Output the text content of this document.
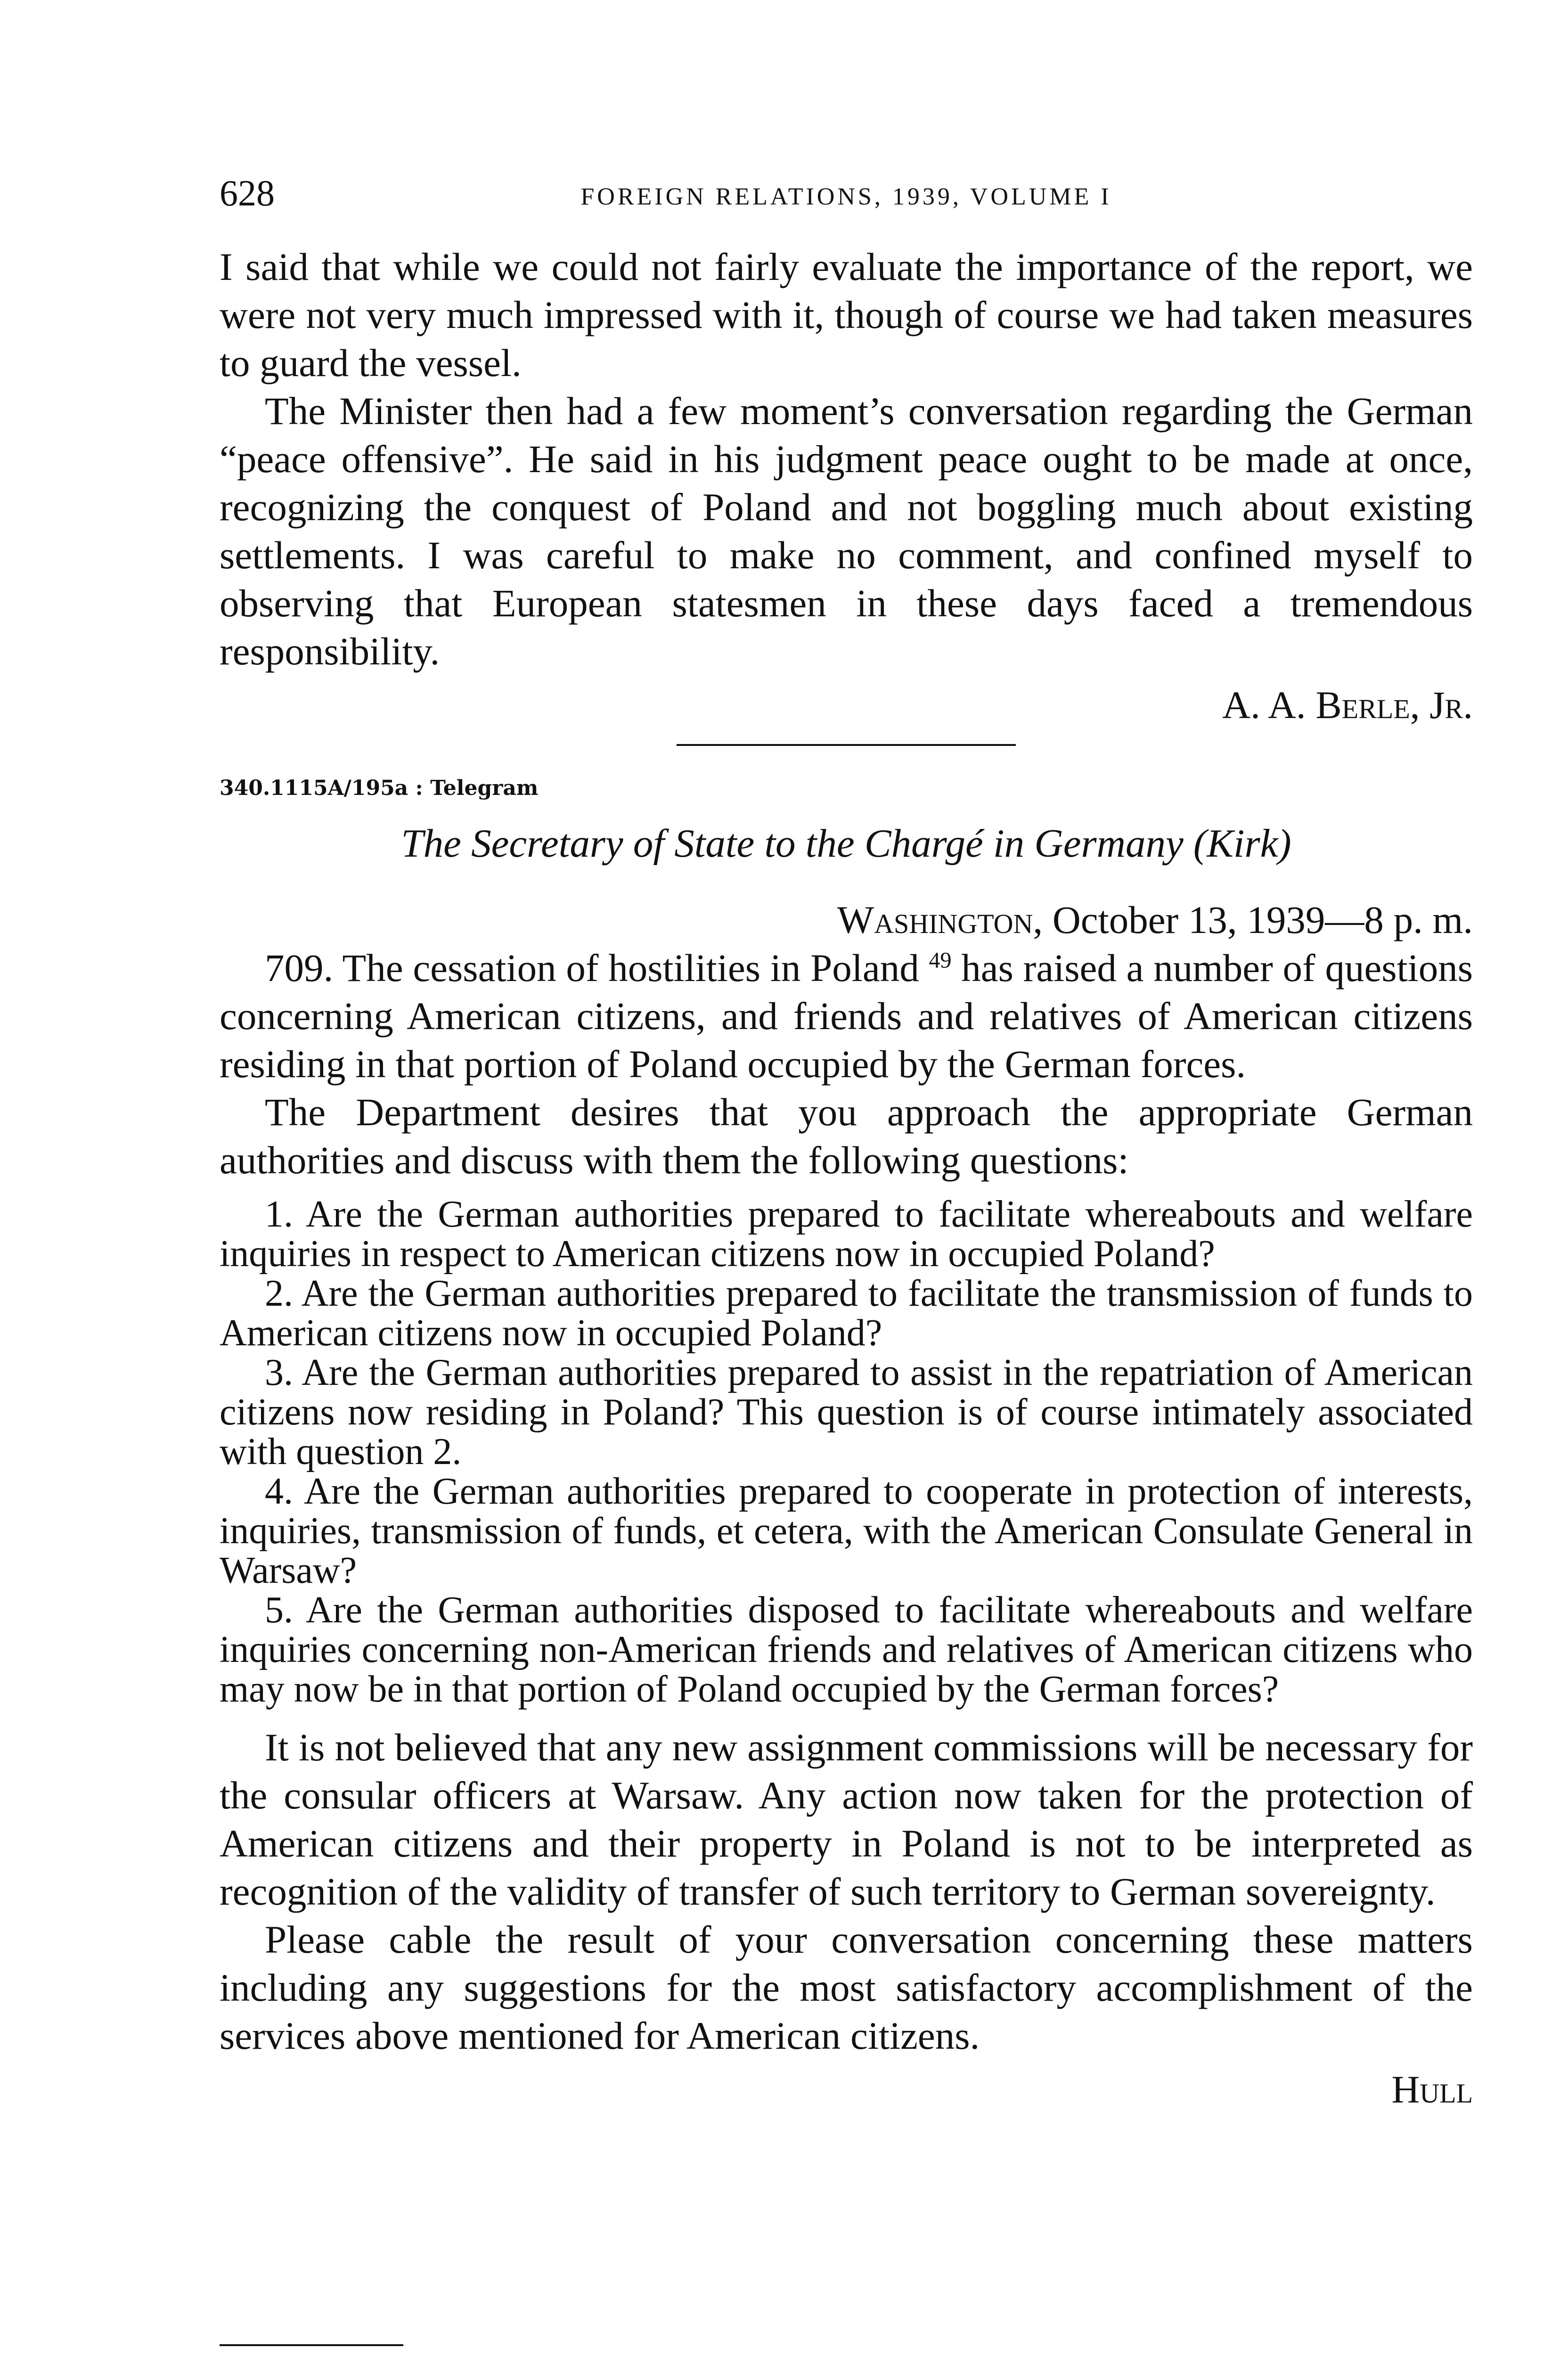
628	FOREIGN RELATIONS, 1939, VOLUME I

I said that while we could not fairly evaluate the importance of the report, we were not very much impressed with it, though of course we had taken measures to guard the vessel.

The Minister then had a few moment’s conversation regarding the German “peace offensive”. He said in his judgment peace ought to be made at once, recognizing the conquest of Poland and not boggling much about existing settlements. I was careful to make no comment, and confined myself to observing that European statesmen in these days faced a tremendous responsibility.

A. A. Berle, Jr.
340.1115A/195a : Telegram
The Secretary of State to the Chargé in Germany (Kirk)
Washington, October 13, 1939—8 p. m.

709. The cessation of hostilities in Poland $^{49}$ has raised a number of questions concerning American citizens, and friends and relatives of American citizens residing in that portion of Poland occupied by the German forces.

The Department desires that you approach the appropriate German authorities and discuss with them the following questions:

1. Are the German authorities prepared to facilitate whereabouts and welfare inquiries in respect to American citizens now in occupied Poland?

2. Are the German authorities prepared to facilitate the transmission of funds to American citizens now in occupied Poland?

3. Are the German authorities prepared to assist in the repatriation of American citizens now residing in Poland? This question is of course intimately associated with question 2.

4. Are the German authorities prepared to cooperate in protection of interests, inquiries, transmission of funds, et cetera, with the American Consulate General in Warsaw?

5. Are the German authorities disposed to facilitate whereabouts and welfare inquiries concerning non-American friends and relatives of American citizens who may now be in that portion of Poland occupied by the German forces?

It is not believed that any new assignment commissions will be necessary for the consular officers at Warsaw. Any action now taken for the protection of American citizens and their property in Poland is not to be interpreted as recognition of the validity of transfer of such territory to German sovereignty.

Please cable the result of your conversation concerning these matters including any suggestions for the most satisfactory accomplishment of the services above mentioned for American citizens.

Hull
